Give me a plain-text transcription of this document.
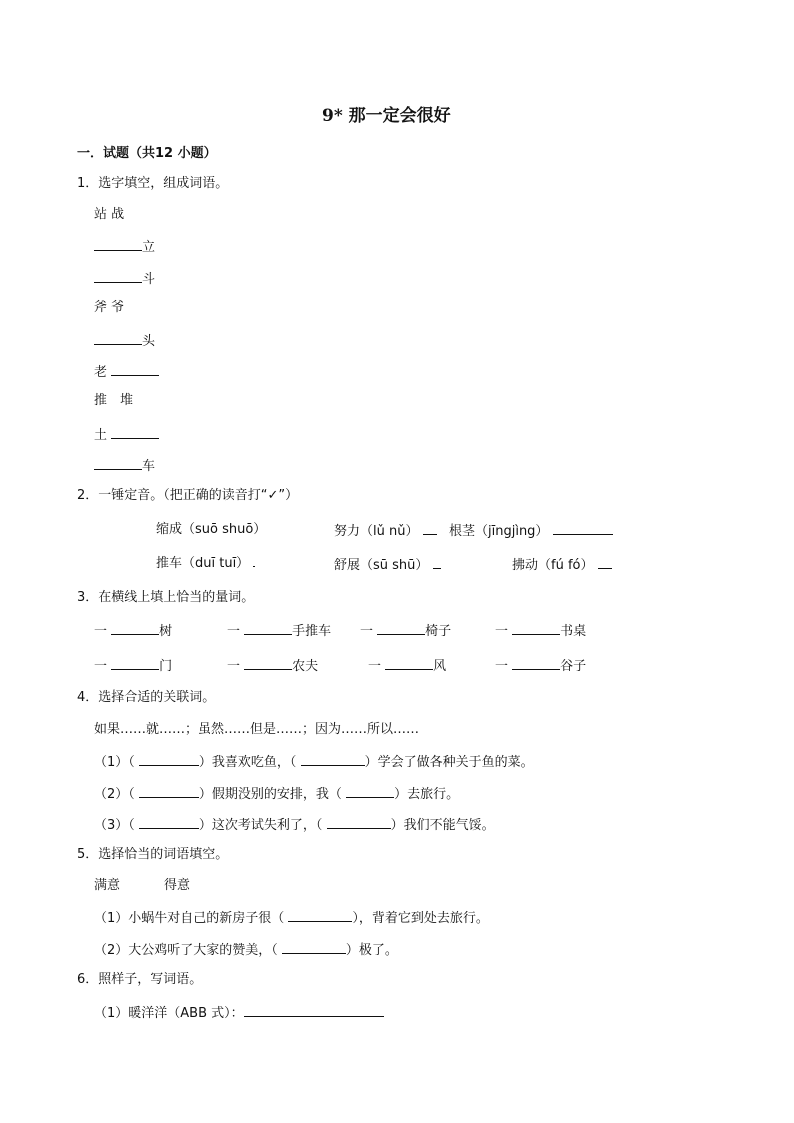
9* 那一定会很好
一．试题（共12 小题）
1．选字填空，组成词语。
站 战
立
斗
斧 爷
头
老
推　堆
土
车
2．一锤定音。（把正确的读音打“✓”）
缩成（suō shuō）	努力（lǔ nǔ）	根茎（jīngjìng）
推车（duī tuī）	舒展（sū shū）	拂动（fú fó）
3．在横线上填上恰当的量词。
一	树	一	手推车 一	椅子	一	书桌
一	门	一	农夫	一	风	一	谷子
4．选择合适的关联词。
如果……就……；虽然……但是……；因为……所以……
（1）（	）我喜欢吃鱼，（	）学会了做各种关于鱼的菜。
（2）（	）假期没别的安排，我（	）去旅行。
（3）（	）这次考试失利了，（	）我们不能气馁。
5．选择恰当的词语填空。
满意	得意
（1）小蜗牛对自己的新房子很（	），背着它到处去旅行。
（2）大公鸡听了大家的赞美，（	）极了。
6．照样子，写词语。
（1）暖洋洋（ABB 式）：
